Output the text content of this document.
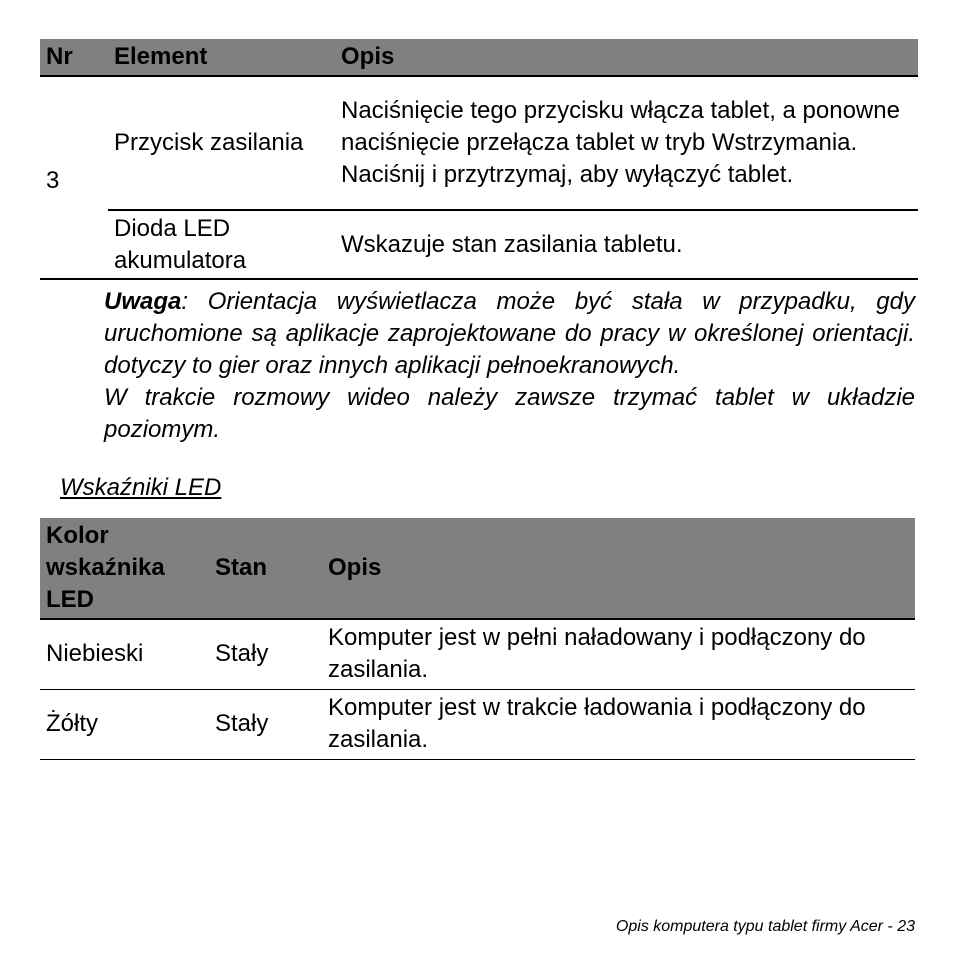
Nr	Element	Opis
3	Przycisk zasilania	Naciśnięcie tego przycisku włącza tablet, a ponowne naciśnięcie przełącza tablet w tryb Wstrzymania. Naciśnij i przytrzymaj, aby wyłączyć tablet.
	Dioda LED akumulatora	Wskazuje stan zasilania tabletu.

Uwaga: Orientacja wyświetlacza może być stała w przypadku, gdy uruchomione są aplikacje zaprojektowane do pracy w określonej orientacji. dotyczy to gier oraz innych aplikacji pełnoekranowych.

W trakcie rozmowy wideo należy zawsze trzymać tablet w układzie poziomym.

Wskaźniki LED
Kolor wskaźnika LED	Stan	Opis
Niebieski	Stały	Komputer jest w pełni naładowany i podłączony do zasilania.
Żółty	Stały	Komputer jest w trakcie ładowania i podłączony do zasilania.
Opis komputera typu tablet firmy Acer - 23
